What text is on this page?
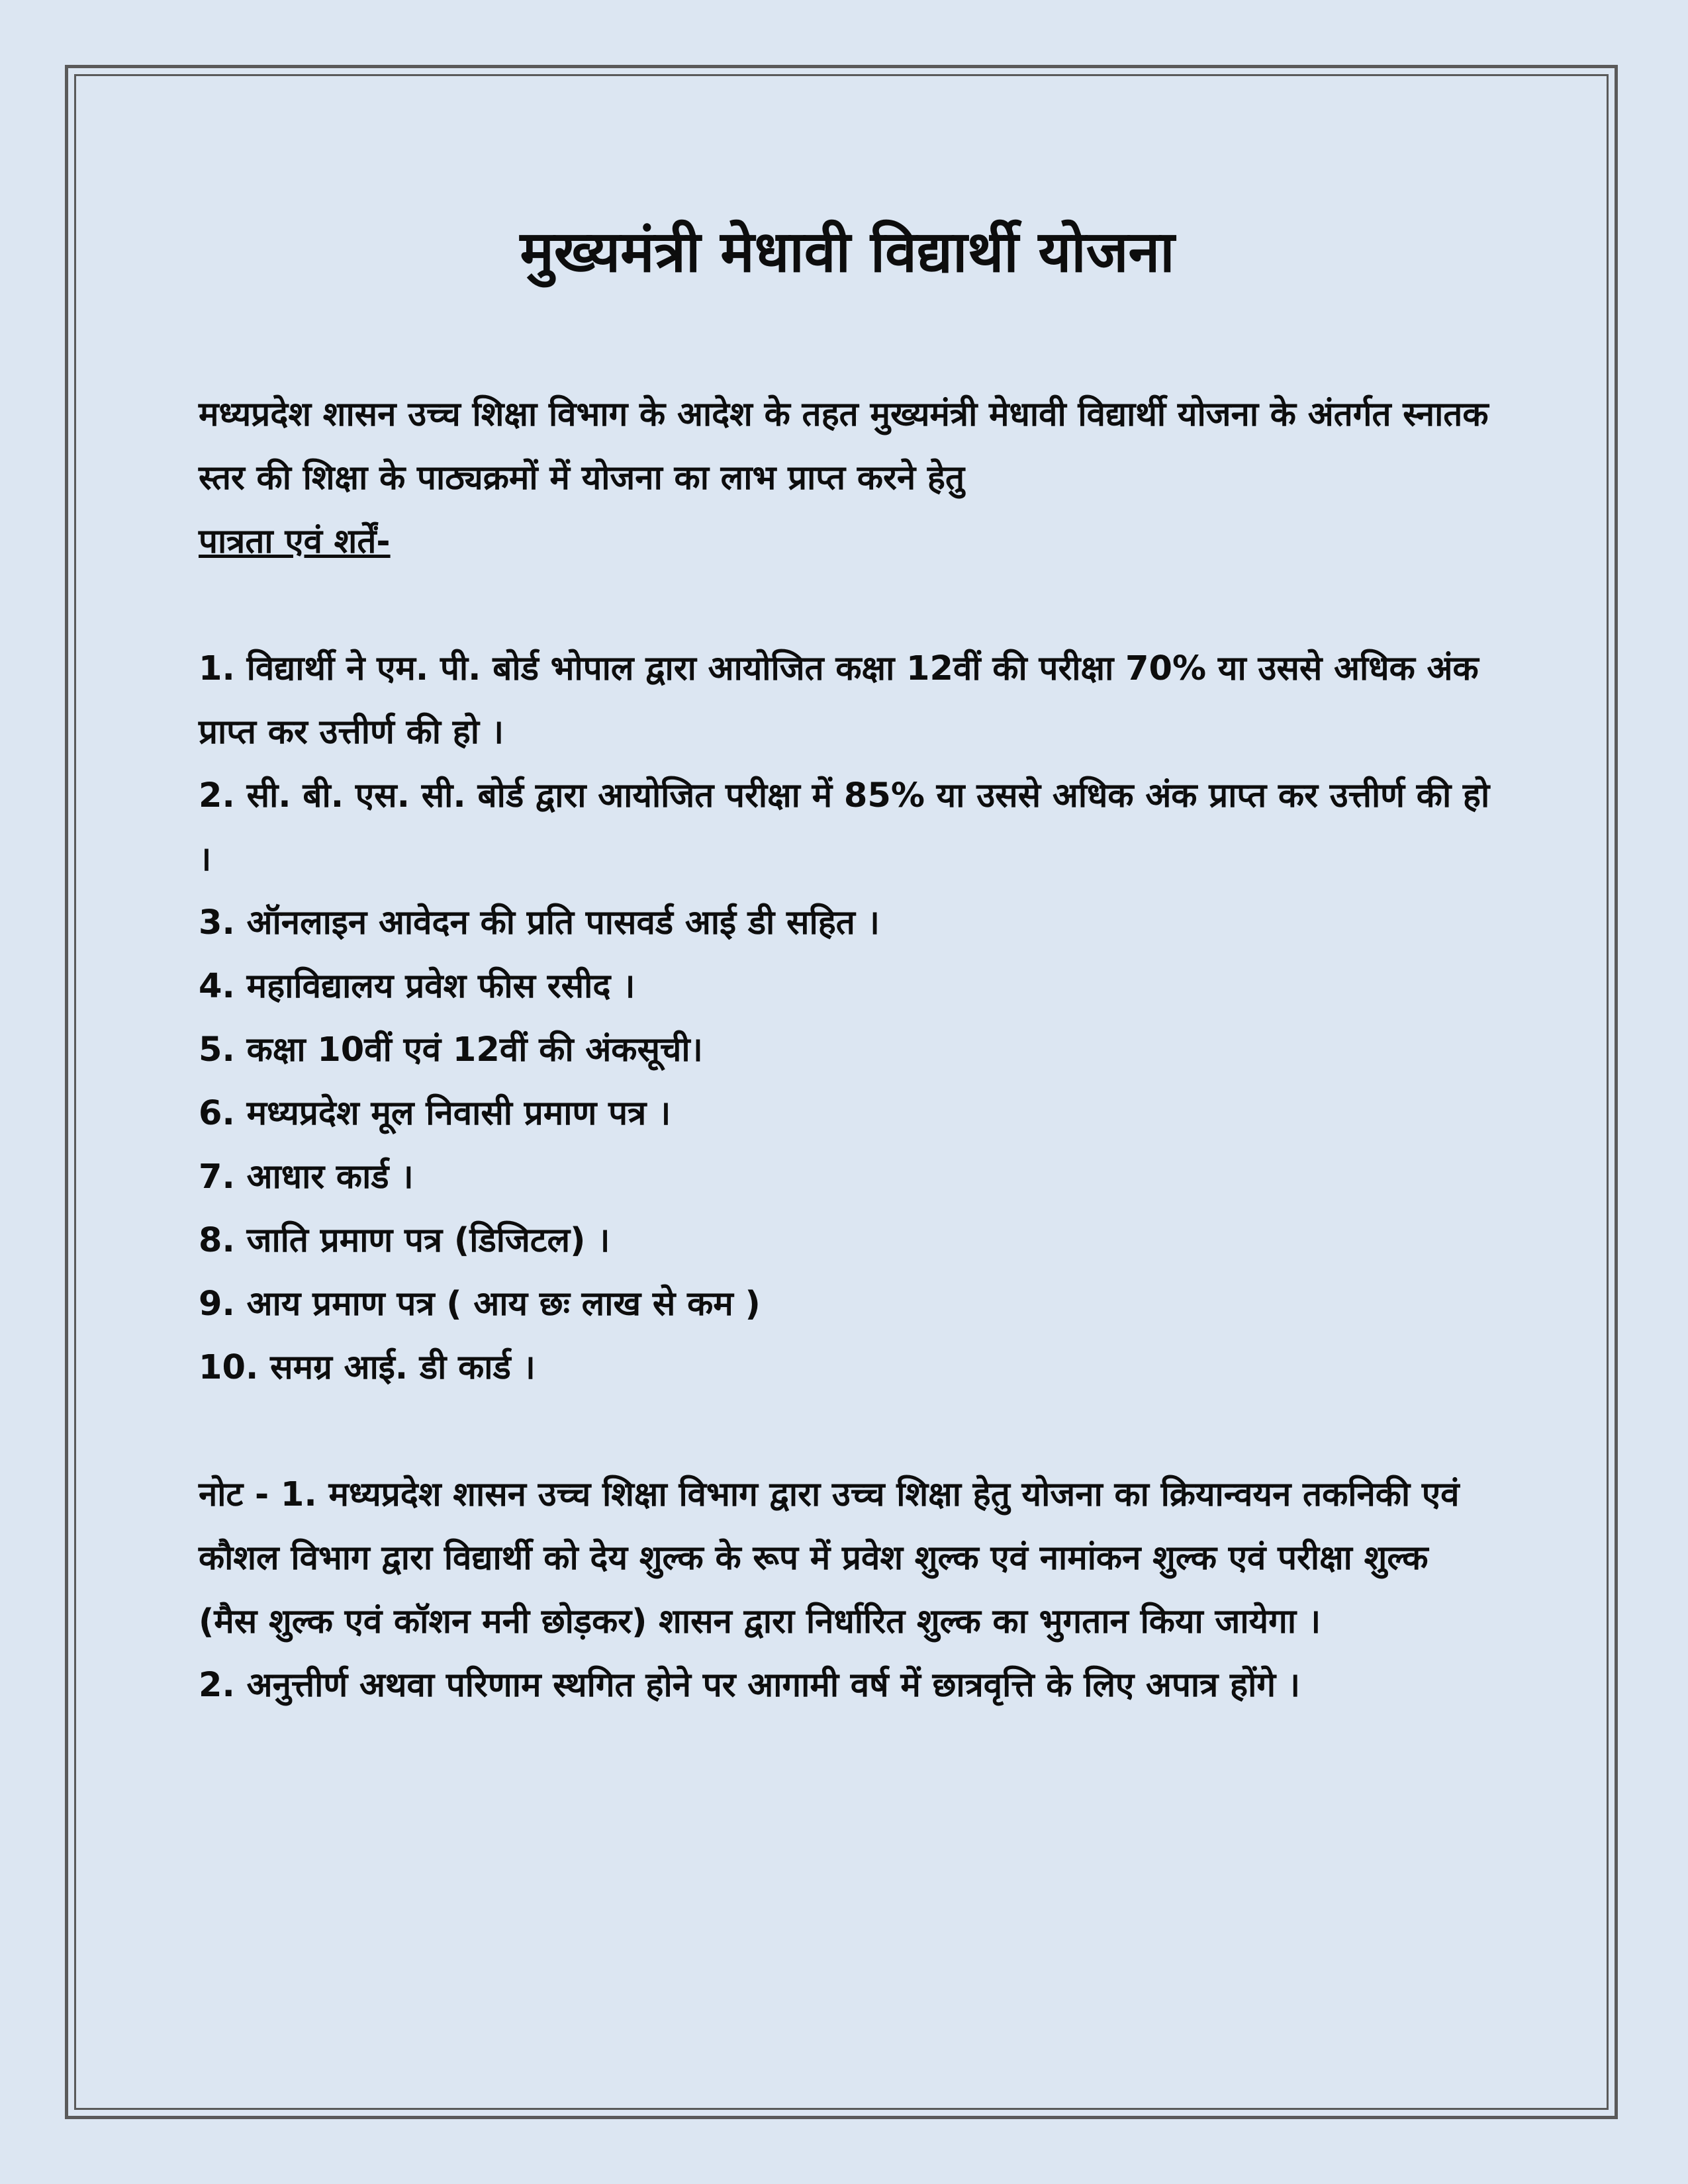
मुख्यमंत्री मेधावी विद्यार्थी योजना

मध्यप्रदेश शासन उच्च शिक्षा विभाग के आदेश के तहत मुख्यमंत्री मेधावी विद्यार्थी योजना के अंतर्गत स्नातक स्तर की शिक्षा के पाठ्यक्रमों में योजना का लाभ प्राप्त करने हेतु

पात्रता एवं शर्तें-

1. विद्यार्थी ने एम. पी. बोर्ड भोपाल द्वारा आयोजित कक्षा 12वीं की परीक्षा 70% या उससे अधिक अंक प्राप्त कर उत्तीर्ण की हो ।
2. सी. बी. एस. सी. बोर्ड द्वारा आयोजित परीक्षा में 85% या उससे अधिक अंक प्राप्त कर उत्तीर्ण की हो ।
3. ऑनलाइन आवेदन की प्रति पासवर्ड आई डी सहित ।
4. महाविद्यालय प्रवेश फीस रसीद ।
5. कक्षा 10वीं एवं 12वीं की अंकसूची।
6. मध्यप्रदेश मूल निवासी प्रमाण पत्र ।
7. आधार कार्ड ।
8. जाति प्रमाण पत्र (डिजिटल) ।
9. आय प्रमाण पत्र ( आय छः लाख से कम )
10. समग्र आई. डी कार्ड ।

नोट - 1. मध्यप्रदेश शासन उच्च शिक्षा विभाग द्वारा उच्च शिक्षा हेतु योजना का क्रियान्वयन तकनिकी एवं कौशल विभाग द्वारा विद्यार्थी को देय शुल्क के रूप में प्रवेश शुल्क एवं नामांकन शुल्क एवं परीक्षा शुल्क (मैस शुल्क एवं कॉशन मनी छोड़कर) शासन द्वारा निर्धारित शुल्क का भुगतान किया जायेगा ।

2. अनुत्तीर्ण अथवा परिणाम स्थगित होने पर आगामी वर्ष में छात्रवृत्ति के लिए अपात्र होंगे ।
